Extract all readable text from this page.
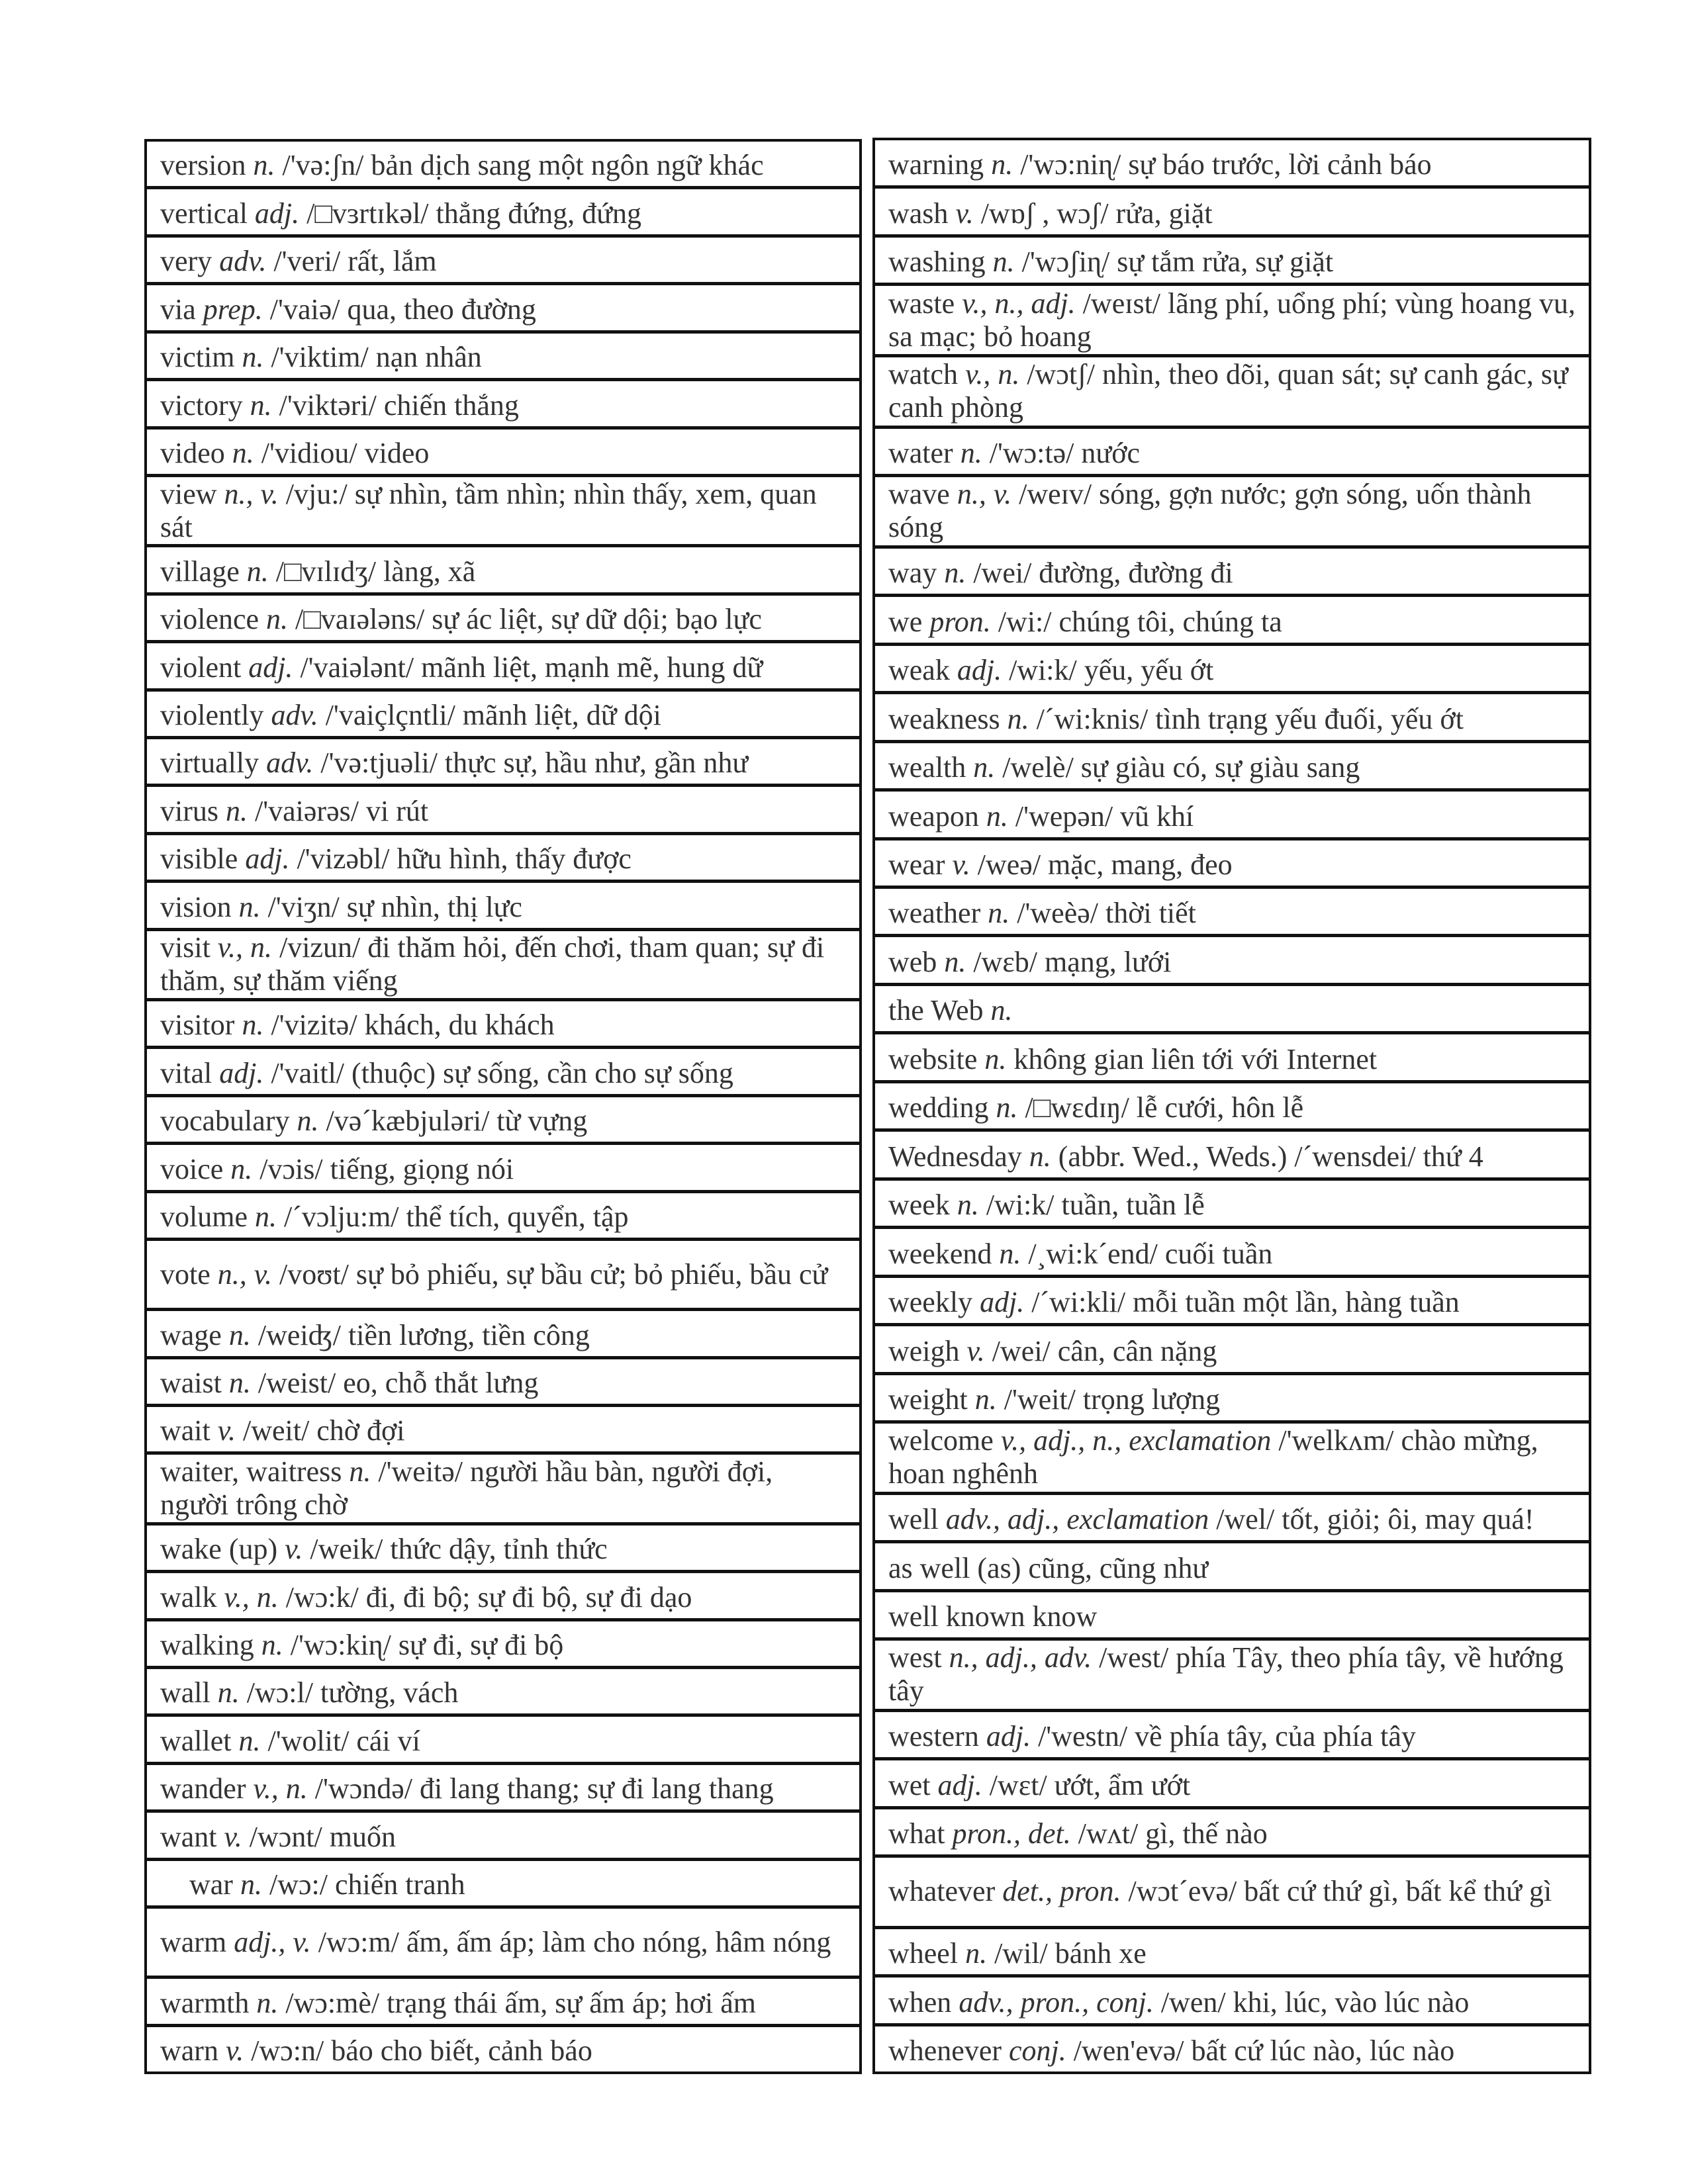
version n. /'və:ʃn/ bản dịch sang một ngôn ngữ khác
vertical adj. /□vɜrtɪkəl/ thẳng đứng, đứng
very adv. /'veri/ rất, lắm
via prep. /'vaiə/ qua, theo đường
victim n. /'viktim/ nạn nhân
victory n. /'viktəri/ chiến thắng
video n. /'vidiou/ video
view n., v. /vju:/ sự nhìn, tầm nhìn; nhìn thấy, xem, quan sát
village n. /□vɪlɪdʒ/ làng, xã
violence n. /□vaɪələns/ sự ác liệt, sự dữ dội; bạo lực
violent adj. /'vaiələnt/ mãnh liệt, mạnh mẽ, hung dữ
violently adv. /'vaiçlçntli/ mãnh liệt, dữ dội
virtually adv. /'və:tjuəli/ thực sự, hầu như, gần như
virus n. /'vaiərəs/ vi rút
visible adj. /'vizəbl/ hữu hình, thấy được
vision n. /'viʒn/ sự nhìn, thị lực
visit v., n. /vizun/ đi thăm hỏi, đến chơi, tham quan; sự đi thăm, sự thăm viếng
visitor n. /'vizitə/ khách, du khách
vital adj. /'vaitl/ (thuộc) sự sống, cần cho sự sống
vocabulary n. /və´kæbjuləri/ từ vựng
voice n. /vɔis/ tiếng, giọng nói
volume n. /´vɔlju:m/ thể tích, quyển, tập
vote n., v. /voʊt/ sự bỏ phiếu, sự bầu cử; bỏ phiếu, bầu cử
wage n. /weiʤ/ tiền lương, tiền công
waist n. /weist/ eo, chỗ thắt lưng
wait v. /weit/ chờ đợi
waiter, waitress n. /'weitə/ người hầu bàn, người đợi, người trông chờ
wake (up) v. /weik/ thức dậy, tỉnh thức
walk v., n. /wɔ:k/ đi, đi bộ; sự đi bộ, sự đi dạo
walking n. /'wɔ:kiɳ/ sự đi, sự đi bộ
wall n. /wɔ:l/ tường, vách
wallet n. /'wolit/ cái ví
wander v., n. /'wɔndə/ đi lang thang; sự đi lang thang
want v. /wɔnt/ muốn
war n. /wɔ:/ chiến tranh
warm adj., v. /wɔ:m/ ấm, ấm áp; làm cho nóng, hâm nóng
warmth n. /wɔ:mè/ trạng thái ấm, sự ấm áp; hơi ấm
warn v. /wɔ:n/ báo cho biết, cảnh báo
warning n. /'wɔ:niɳ/ sự báo trước, lời cảnh báo
wash v. /wɒʃ , wɔʃ/ rửa, giặt
washing n. /'wɔʃiɳ/ sự tắm rửa, sự giặt
waste v., n., adj. /weɪst/ lãng phí, uổng phí; vùng hoang vu, sa mạc; bỏ hoang
watch v., n. /wɔtʃ/ nhìn, theo dõi, quan sát; sự canh gác, sự canh phòng
water n. /'wɔ:tə/ nước
wave n., v. /weɪv/ sóng, gợn nước; gợn sóng, uốn thành sóng
way n. /wei/ đường, đường đi
we pron. /wi:/ chúng tôi, chúng ta
weak adj. /wi:k/ yếu, yếu ớt
weakness n. /´wi:knis/ tình trạng yếu đuối, yếu ớt
wealth n. /welè/ sự giàu có, sự giàu sang
weapon n. /'wepən/ vũ khí
wear v. /weə/ mặc, mang, đeo
weather n. /'weèə/ thời tiết
web n. /wɛb/ mạng, lưới
the Web n.
website n. không gian liên tới với Internet
wedding n. /□wɛdɪŋ/ lễ cưới, hôn lễ
Wednesday n. (abbr. Wed., Weds.) /´wensdei/ thứ 4
week n. /wi:k/ tuần, tuần lễ
weekend n. /¸wi:k´end/ cuối tuần
weekly adj. /´wi:kli/ mỗi tuần một lần, hàng tuần
weigh v. /wei/ cân, cân nặng
weight n. /'weit/ trọng lượng
welcome v., adj., n., exclamation /'welkʌm/ chào mừng, hoan nghênh
well adv., adj., exclamation /wel/ tốt, giỏi; ôi, may quá!
as well (as) cũng, cũng như
well known know
west n., adj., adv. /west/ phía Tây, theo phía tây, về hướng tây
western adj. /'westn/ về phía tây, của phía tây
wet adj. /wɛt/ ướt, ẩm ướt
what pron., det. /wʌt/ gì, thế nào
whatever det., pron. /wɔt´evə/ bất cứ thứ gì, bất kể thứ gì
wheel n. /wil/ bánh xe
when adv., pron., conj. /wen/ khi, lúc, vào lúc nào
whenever conj. /wen'evə/ bất cứ lúc nào, lúc nào
